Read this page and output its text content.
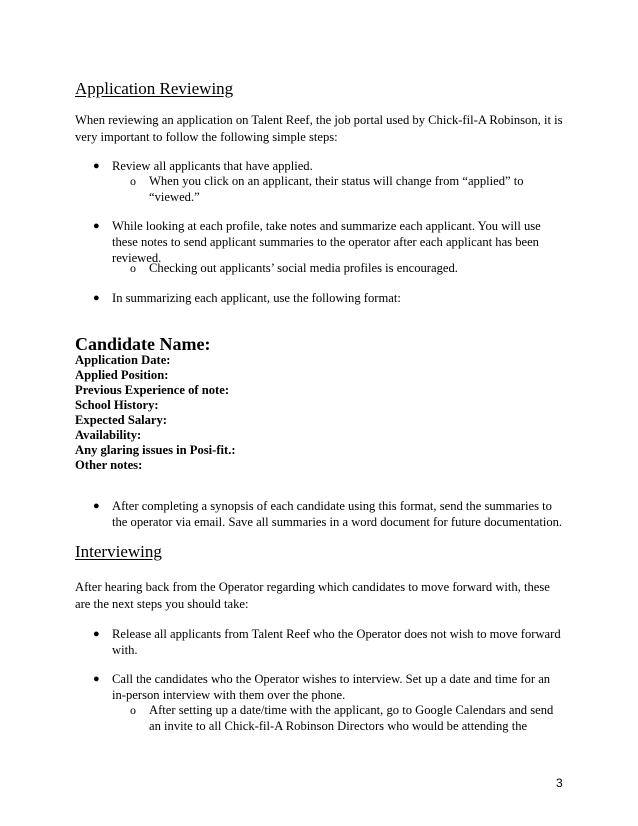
Application Reviewing
When reviewing an application on Talent Reef, the job portal used by Chick-fil-A Robinson, it is
very important to follow the following simple steps:
● Review all applicants that have applied.
o When you click on an applicant, their status will change from “applied” to
“viewed.”
● While looking at each profile, take notes and summarize each applicant. You will use
these notes to send applicant summaries to the operator after each applicant has been
reviewed.
o Checking out applicants’ social media profiles is encouraged.
● In summarizing each applicant, use the following format:
Candidate Name:
Application Date:
Applied Position:
Previous Experience of note:
School History:
Expected Salary:
Availability:
Any glaring issues in Posi-fit.:
Other notes:
● After completing a synopsis of each candidate using this format, send the summaries to
the operator via email. Save all summaries in a word document for future documentation.
Interviewing
After hearing back from the Operator regarding which candidates to move forward with, these
are the next steps you should take:
● Release all applicants from Talent Reef who the Operator does not wish to move forward
with.
● Call the candidates who the Operator wishes to interview. Set up a date and time for an
in-person interview with them over the phone.
o After setting up a date/time with the applicant, go to Google Calendars and send
an invite to all Chick-fil-A Robinson Directors who would be attending the
3
